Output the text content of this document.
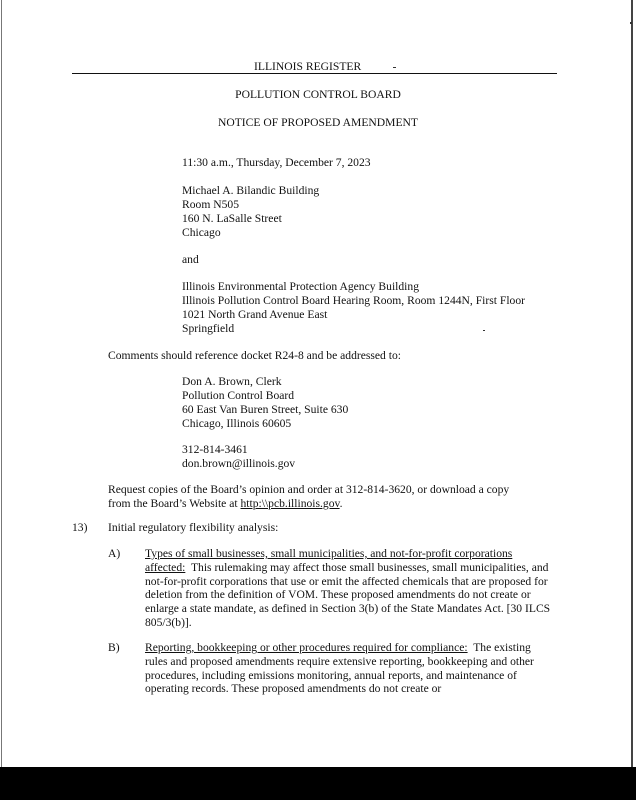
ILLINOIS REGISTER
POLLUTION CONTROL BOARD
NOTICE OF PROPOSED AMENDMENT
11:30 a.m., Thursday, December 7, 2023
Michael A. Bilandic Building
Room N505
160 N. LaSalle Street
Chicago
and
Illinois Environmental Protection Agency Building
Illinois Pollution Control Board Hearing Room, Room 1244N, First Floor
1021 North Grand Avenue East
Springfield
Comments should reference docket R24-8 and be addressed to:
Don A. Brown, Clerk
Pollution Control Board
60 East Van Buren Street, Suite 630
Chicago, Illinois 60605
312-814-3461
don.brown@illinois.gov
Request copies of the Board’s opinion and order at 312-814-3620, or download a copy
from the Board’s Website at http:\\pcb.illinois.gov.
13) Initial regulatory flexibility analysis:
A) Types of small businesses, small municipalities, and not-for-profit corporations affected: This rulemaking may affect those small businesses, small municipalities, and not-for-profit corporations that use or emit the affected chemicals that are proposed for deletion from the definition of VOM. These proposed amendments do not create or enlarge a state mandate, as defined in Section 3(b) of the State Mandates Act. [30 ILCS 805/3(b)].
B) Reporting, bookkeeping or other procedures required for compliance: The existing rules and proposed amendments require extensive reporting, bookkeeping and other procedures, including emissions monitoring, annual reports, and maintenance of operating records. These proposed amendments do not create or
